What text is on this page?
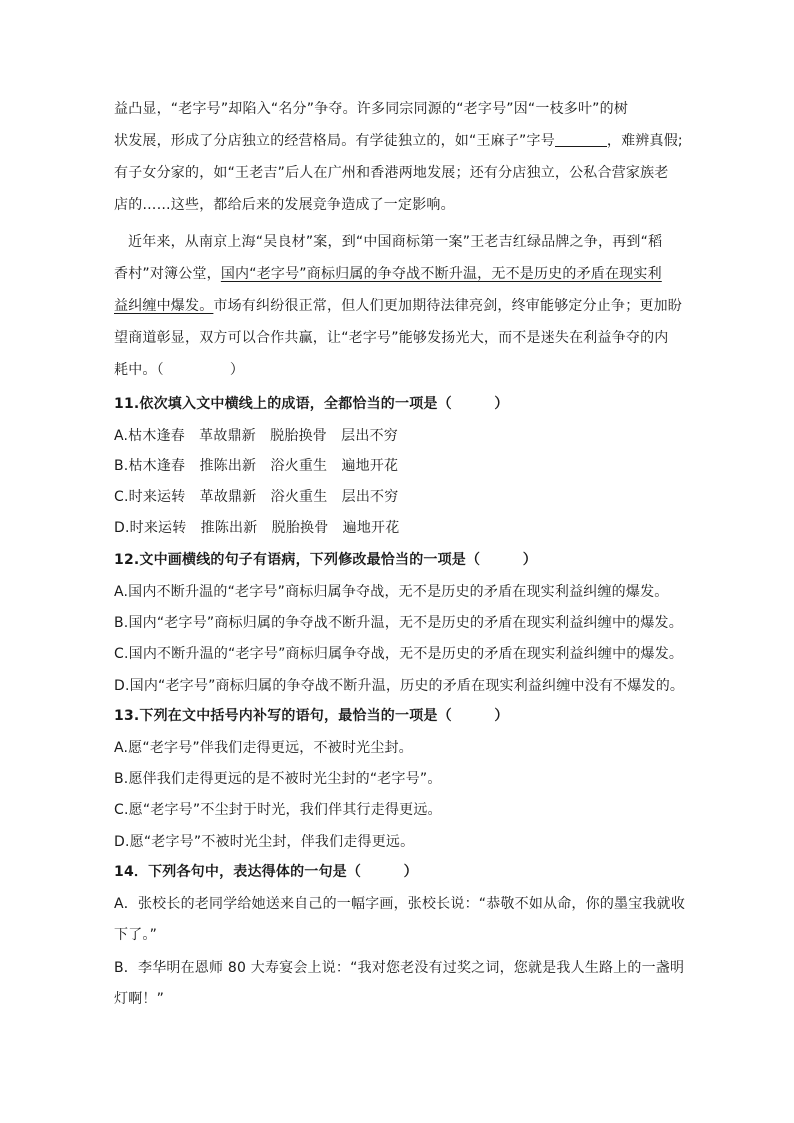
益凸显，“老字号”却陷入“名分”争夺。许多同宗同源的“老字号”因“一枝多叶”的树
状发展，形成了分店独立的经营格局。有学徒独立的，如“王麻子”字号	，难辨真假;
有子女分家的，如“王老吉”后人在广州和香港两地发展；还有分店独立，公私合营家族老
店的……这些，都给后来的发展竞争造成了一定影响。
近年来，从南京上海“吴良材”案，到“中国商标第一案”王老吉红绿品牌之争，再到“稻
香村”对簿公堂，国内“老字号”商标归属的争夺战不断升温，无不是历史的矛盾在现实利
益纠缠中爆发。市场有纠纷很正常，但人们更加期待法律亮剑，终审能够定分止争；更加盼
望商道彰显，双方可以合作共赢，让“老字号”能够发扬光大，而不是迷失在利益争夺的内
耗中。（	）
11.依次填入文中横线上的成语，全都恰当的一项是（　　　）
A.枯木逢春　革故鼎新　脱胎换骨　层出不穷
B.枯木逢春　推陈出新　浴火重生　遍地开花
C.时来运转　革故鼎新　浴火重生　层出不穷
D.时来运转　推陈出新　脱胎换骨　遍地开花
12.文中画横线的句子有语病，下列修改最恰当的一项是（　　　）
A.国内不断升温的“老字号”商标归属争夺战，无不是历史的矛盾在现实利益纠缠的爆发。
B.国内“老字号”商标归属的争夺战不断升温，无不是历史的矛盾在现实利益纠缠中的爆发。
C.国内不断升温的“老字号”商标归属争夺战，无不是历史的矛盾在现实利益纠缠中的爆发。
D.国内“老字号”商标归属的争夺战不断升温，历史的矛盾在现实利益纠缠中没有不爆发的。
13.下列在文中括号内补写的语句，最恰当的一项是（　　　）
A.愿“老字号”伴我们走得更远，不被时光尘封。
B.愿伴我们走得更远的是不被时光尘封的“老字号”。
C.愿“老字号”不尘封于时光，我们伴其行走得更远。
D.愿“老字号”不被时光尘封，伴我们走得更远。
14．下列各句中，表达得体的一句是（　　　）
A．张校长的老同学给她送来自己的一幅字画，张校长说：“恭敬不如从命，你的墨宝我就收
下了。”
B．李华明在恩师 80 大寿宴会上说：“我对您老没有过奖之词，您就是我人生路上的一盏明
灯啊！”
